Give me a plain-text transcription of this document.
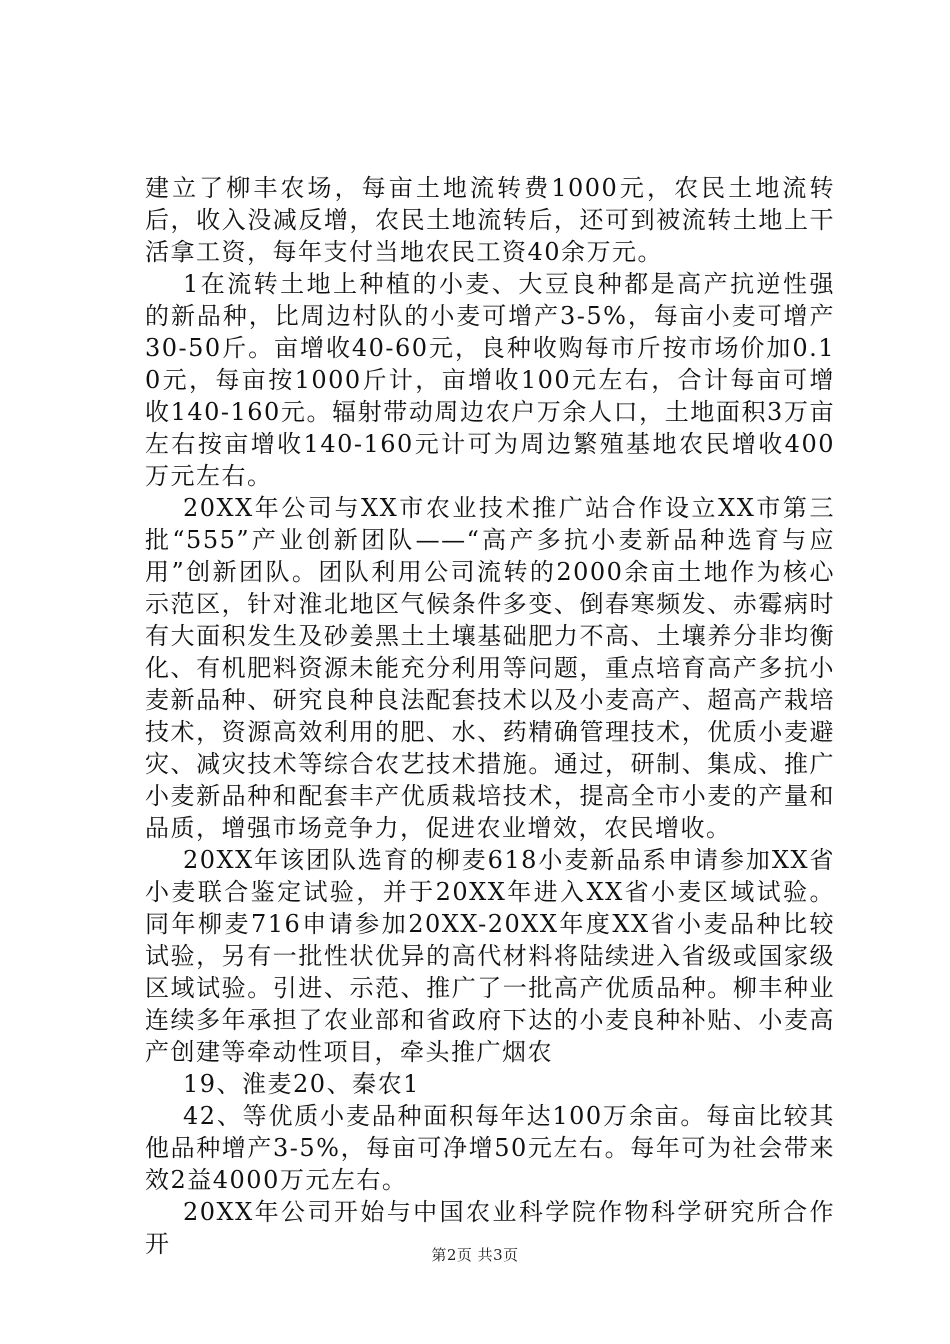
建立了柳丰农场，每亩土地流转费1000元，农民土地流转后，收入没减反增，农民土地流转后，还可到被流转土地上干活拿工资，每年支付当地农民工资40余万元。

1在流转土地上种植的小麦、大豆良种都是高产抗逆性强的新品种，比周边村队的小麦可增产3-5%，每亩小麦可增产30-50斤。亩增收40-60元，良种收购每市斤按市场价加0.10元，每亩按1000斤计，亩增收100元左右，合计每亩可增收140-160元。辐射带动周边农户万余人口，土地面积3万亩左右按亩增收140-160元计可为周边繁殖基地农民增收400万元左右。

20XX年公司与XX市农业技术推广站合作设立XX市第三批“555”产业创新团队——“高产多抗小麦新品种选育与应用”创新团队。团队利用公司流转的2000余亩土地作为核心示范区，针对淮北地区气候条件多变、倒春寒频发、赤霉病时有大面积发生及砂姜黑土土壤基础肥力不高、土壤养分非均衡化、有机肥料资源未能充分利用等问题，重点培育高产多抗小麦新品种、研究良种良法配套技术以及小麦高产、超高产栽培技术，资源高效利用的肥、水、药精确管理技术，优质小麦避灾、减灾技术等综合农艺技术措施。通过，研制、集成、推广小麦新品种和配套丰产优质栽培技术，提高全市小麦的产量和品质，增强市场竞争力，促进农业增效，农民增收。

20XX年该团队选育的柳麦618小麦新品系申请参加XX省小麦联合鉴定试验，并于20XX年进入XX省小麦区域试验。同年柳麦716申请参加20XX-20XX年度XX省小麦品种比较试验，另有一批性状优异的高代材料将陆续进入省级或国家级区域试验。引进、示范、推广了一批高产优质品种。柳丰种业连续多年承担了农业部和省政府下达的小麦良种补贴、小麦高产创建等牵动性项目，牵头推广烟农

19、淮麦20、秦农1

42、等优质小麦品种面积每年达100万余亩。每亩比较其他品种增产3-5%，每亩可净增50元左右。每年可为社会带来效2益4000万元左右。

20XX年公司开始与中国农业科学院作物科学研究所合作开	第2页 共3页
